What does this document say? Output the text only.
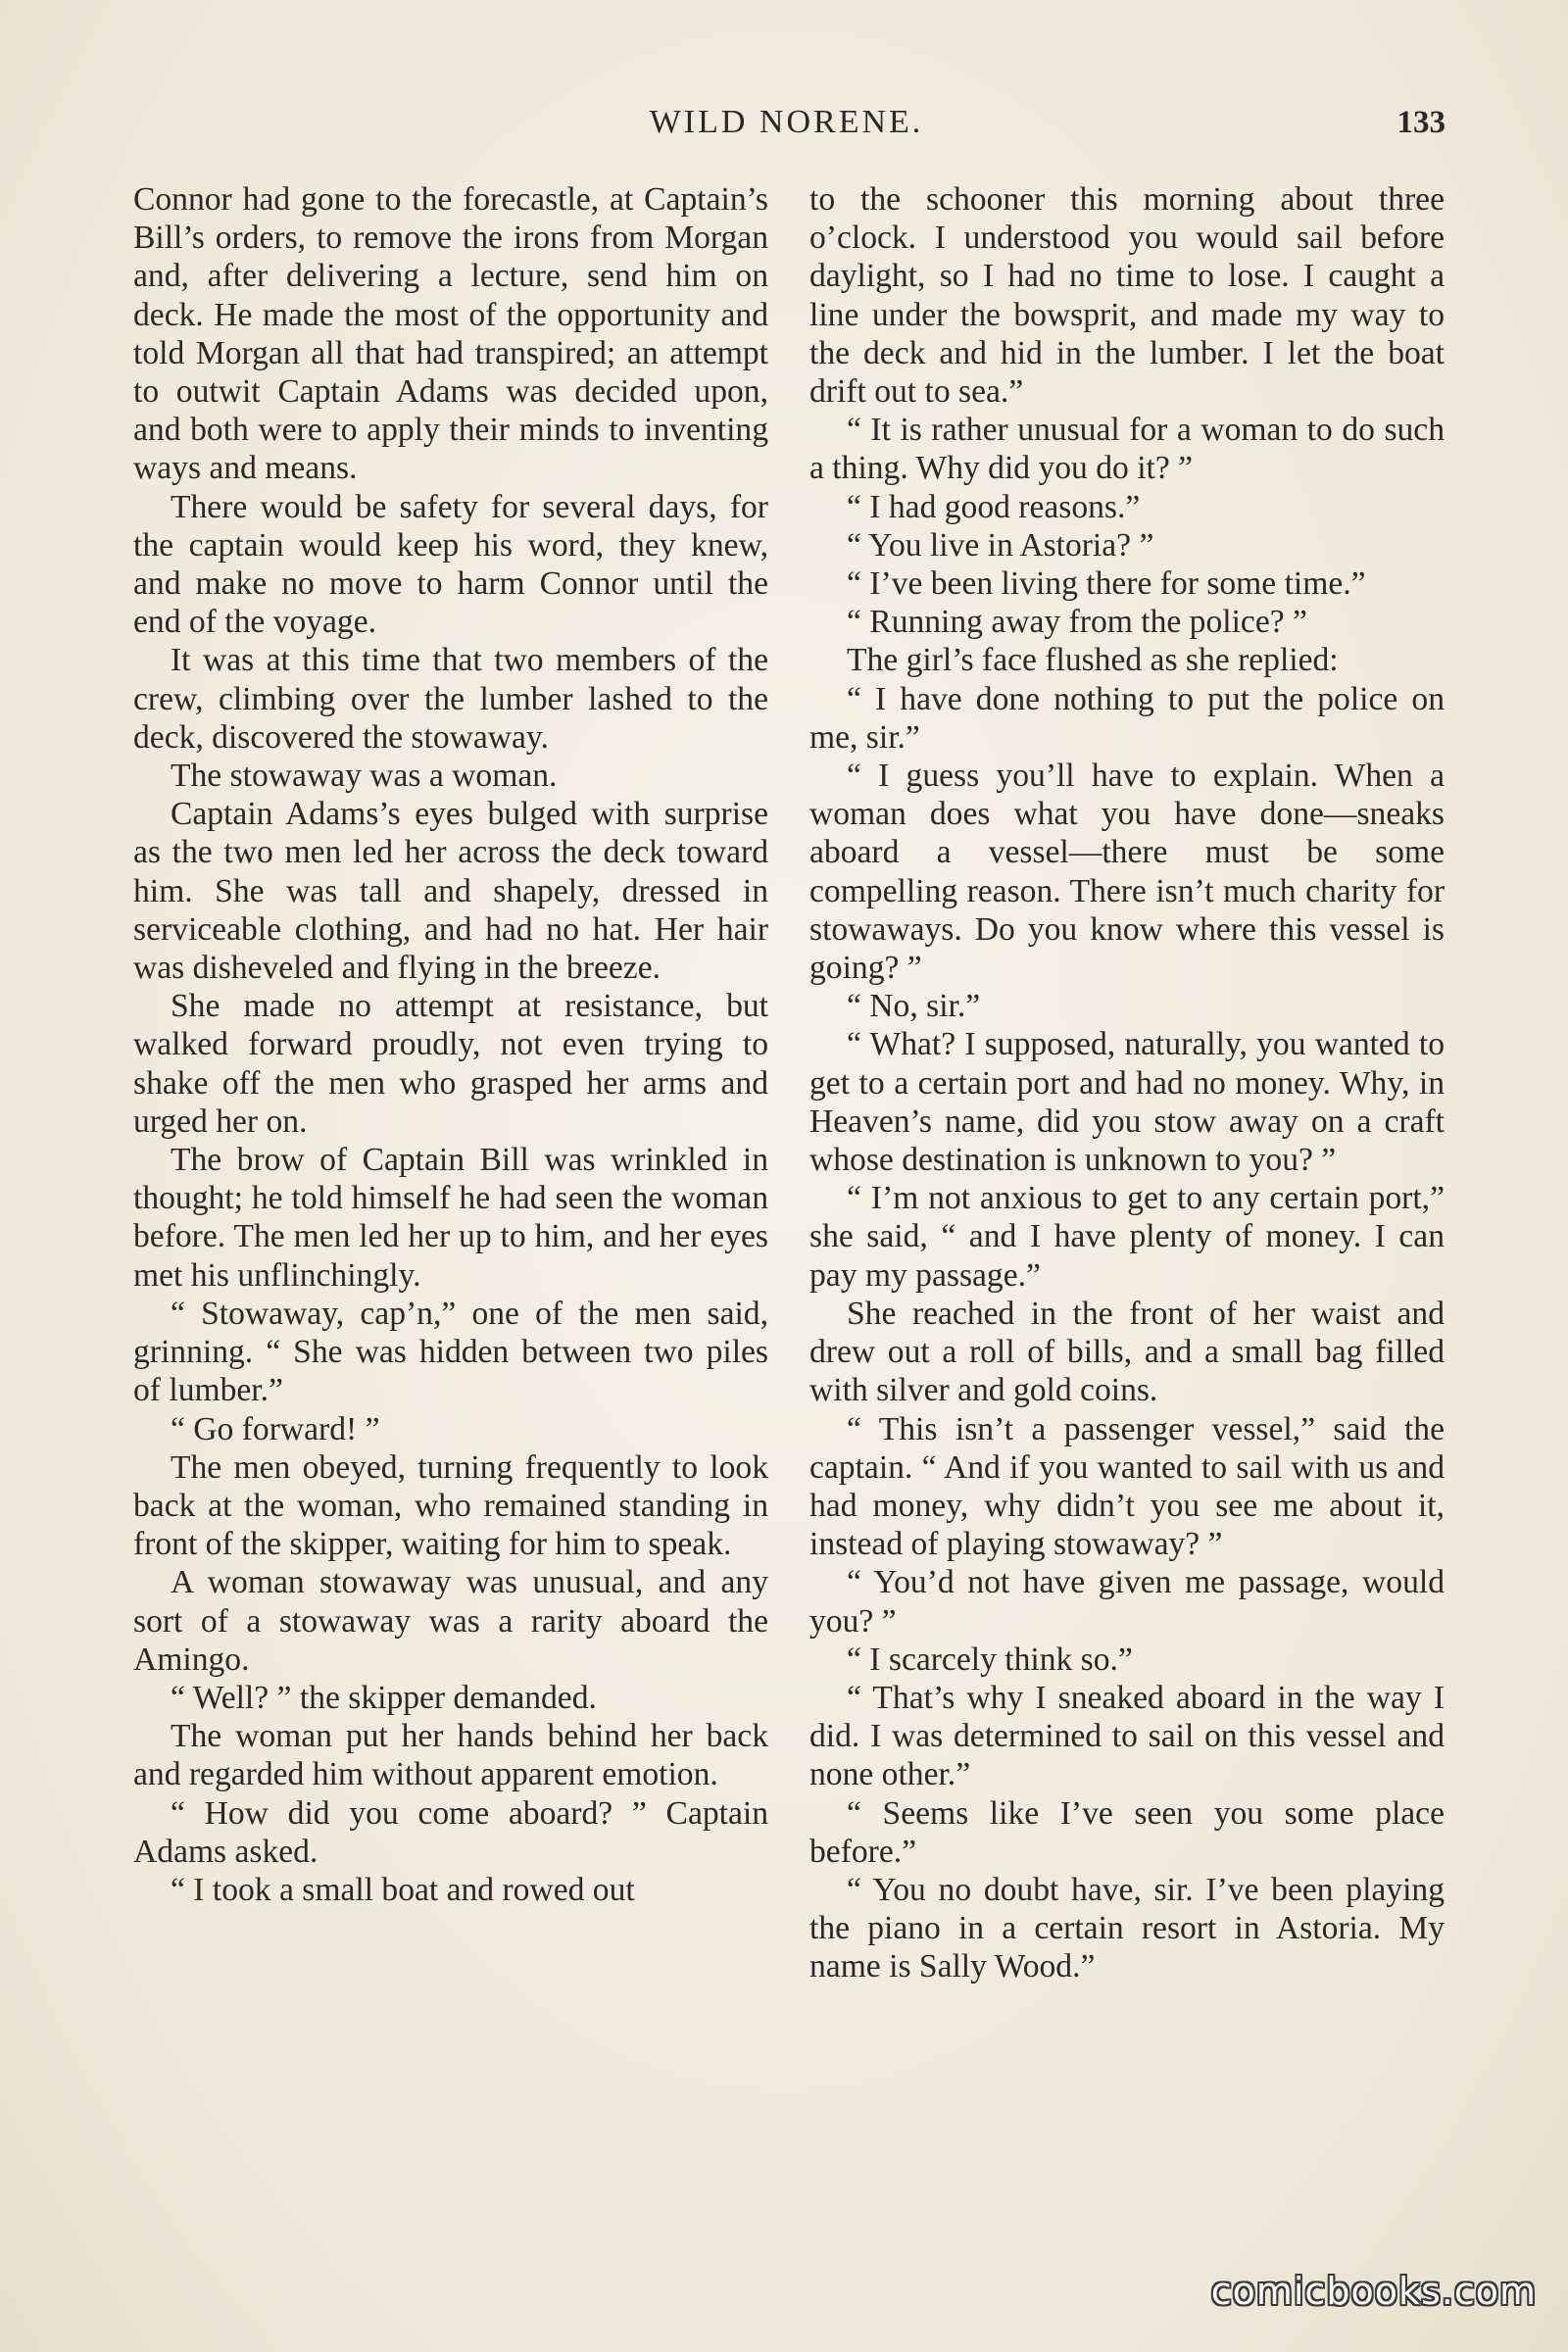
WILD NORENE.	133

Connor had gone to the forecastle, at Captain’s Bill’s orders, to remove the irons from Morgan and, after delivering a lecture, send him on deck. He made the most of the opportunity and told Morgan all that had transpired; an attempt to outwit Captain Adams was decided upon, and both were to apply their minds to inventing ways and means.

There would be safety for several days, for the captain would keep his word, they knew, and make no move to harm Connor until the end of the voyage.

It was at this time that two members of the crew, climbing over the lumber lashed to the deck, discovered the stowaway.

The stowaway was a woman.

Captain Adams’s eyes bulged with surprise as the two men led her across the deck toward him. She was tall and shapely, dressed in serviceable clothing, and had no hat. Her hair was disheveled and flying in the breeze.

She made no attempt at resistance, but walked forward proudly, not even trying to shake off the men who grasped her arms and urged her on.

The brow of Captain Bill was wrinkled in thought; he told himself he had seen the woman before. The men led her up to him, and her eyes met his unflinchingly.

“ Stowaway, cap’n,” one of the men said, grinning. “ She was hidden between two piles of lumber.”

“ Go forward! ”

The men obeyed, turning frequently to look back at the woman, who remained standing in front of the skipper, waiting for him to speak.

A woman stowaway was unusual, and any sort of a stowaway was a rarity aboard the Amingo.

“ Well? ” the skipper demanded.

The woman put her hands behind her back and regarded him without apparent emotion.

“ How did you come aboard? ” Captain Adams asked.

“ I took a small boat and rowed out

to the schooner this morning about three o’clock. I understood you would sail before daylight, so I had no time to lose. I caught a line under the bowsprit, and made my way to the deck and hid in the lumber. I let the boat drift out to sea.”

“ It is rather unusual for a woman to do such a thing. Why did you do it? ”

“ I had good reasons.”

“ You live in Astoria? ”

“ I’ve been living there for some time.”

“ Running away from the police? ”

The girl’s face flushed as she replied:

“ I have done nothing to put the police on me, sir.”

“ I guess you’ll have to explain. When a woman does what you have done—sneaks aboard a vessel—there must be some compelling reason. There isn’t much charity for stowaways. Do you know where this vessel is going? ”

“ No, sir.”

“ What? I supposed, naturally, you wanted to get to a certain port and had no money. Why, in Heaven’s name, did you stow away on a craft whose destination is unknown to you? ”

“ I’m not anxious to get to any certain port,” she said, “ and I have plenty of money. I can pay my passage.”

She reached in the front of her waist and drew out a roll of bills, and a small bag filled with silver and gold coins.

“ This isn’t a passenger vessel,” said the captain. “ And if you wanted to sail with us and had money, why didn’t you see me about it, instead of playing stowaway? ”

“ You’d not have given me passage, would you? ”

“ I scarcely think so.”

“ That’s why I sneaked aboard in the way I did. I was determined to sail on this vessel and none other.”

“ Seems like I’ve seen you some place before.”

“ You no doubt have, sir. I’ve been playing the piano in a certain resort in Astoria. My name is Sally Wood.”

comicbooks.com
